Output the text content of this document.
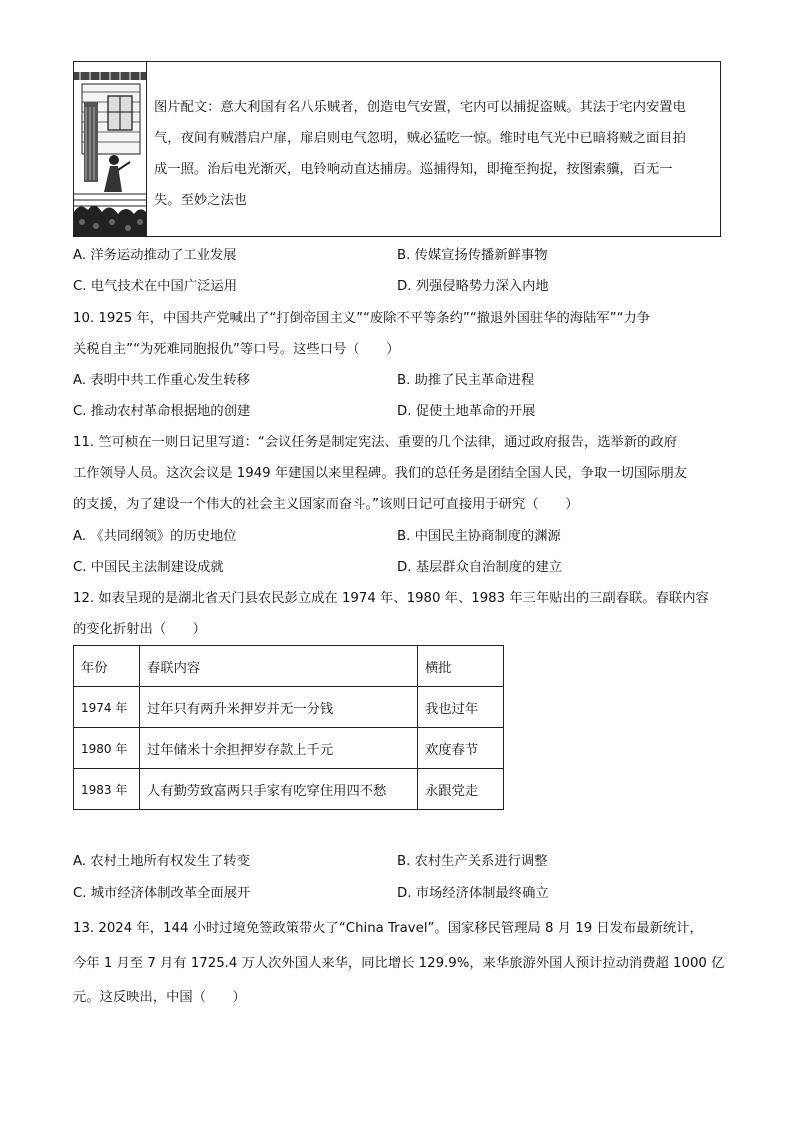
图片配文：意大利国有名八乐贼者，创造电气安置，宅内可以捕捉盗贼。其法于宅内安置电
气，夜间有贼潜启户扉，扉启则电气忽明，贼必猛吃一惊。维时电气光中已暗将贼之面目拍
成一照。治后电光渐灭，电铃响动直达捕房。巡捕得知，即掩至拘捉，按图索骥，百无一
失。至妙之法也
A. 洋务运动推动了工业发展	B. 传媒宣扬传播新鲜事物
C. 电气技术在中国广泛运用	D. 列强侵略势力深入内地
10. 1925 年，中国共产党喊出了“打倒帝国主义”“废除不平等条约”“撤退外国驻华的海陆军”“力争
关税自主”“为死难同胞报仇”等口号。这些口号（　　）
A. 表明中共工作重心发生转移	B. 助推了民主革命进程
C. 推动农村革命根据地的创建	D. 促使土地革命的开展
11. 竺可桢在一则日记里写道：“会议任务是制定宪法、重要的几个法律，通过政府报告，选举新的政府
工作领导人员。这次会议是 1949 年建国以来里程碑。我们的总任务是团结全国人民，争取一切国际朋友
的支援，为了建设一个伟大的社会主义国家而奋斗。”该则日记可直接用于研究（　　）
A. 《共同纲领》的历史地位	B. 中国民主协商制度的渊源
C. 中国民主法制建设成就	D. 基层群众自治制度的建立
12. 如表呈现的是湖北省天门县农民彭立成在 1974 年、1980 年、1983 年三年贴出的三副春联。春联内容
的变化折射出（　　）
年份	春联内容	横批
1974 年	过年只有两升米押岁并无一分钱	我也过年
1980 年	过年储米十余担押岁存款上千元	欢度春节
1983 年	人有勤劳致富两只手家有吃穿住用四不愁	永跟党走
A. 农村土地所有权发生了转变	B. 农村生产关系进行调整
C. 城市经济体制改革全面展开	D. 市场经济体制最终确立
13. 2024 年，144 小时过境免签政策带火了“China Travel”。国家移民管理局 8 月 19 日发布最新统计，
今年 1 月至 7 月有 1725.4 万人次外国人来华，同比增长 129.9%，来华旅游外国人预计拉动消费超 1000 亿
元。这反映出，中国（　　）
